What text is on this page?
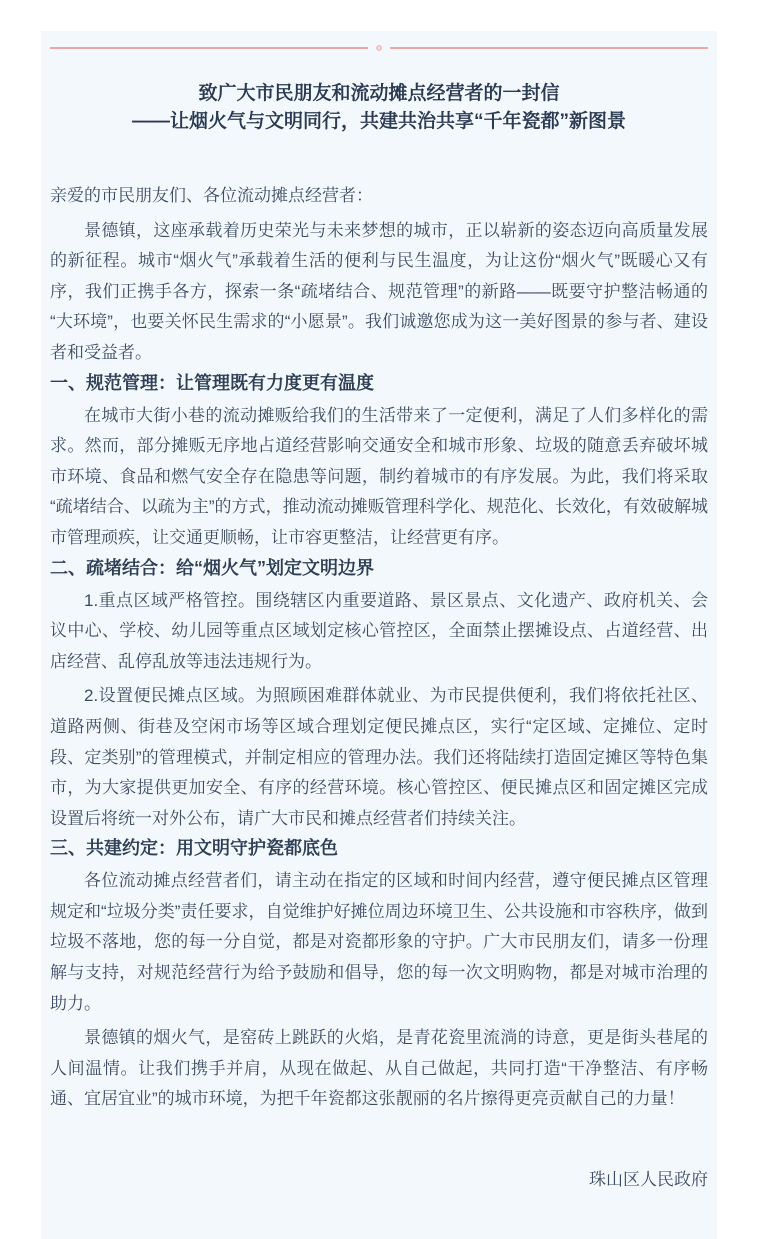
致广大市民朋友和流动摊点经营者的一封信
——让烟火气与文明同行，共建共治共享“千年瓷都”新图景

亲爱的市民朋友们、各位流动摊点经营者：

景德镇，这座承载着历史荣光与未来梦想的城市，正以崭新的姿态迈向高质量发展的新征程。城市“烟火气”承载着生活的便利与民生温度，为让这份“烟火气”既暖心又有序，我们正携手各方，探索一条“疏堵结合、规范管理”的新路——既要守护整洁畅通的“大环境”，也要关怀民生需求的“小愿景”。我们诚邀您成为这一美好图景的参与者、建设者和受益者。

一、规范管理：让管理既有力度更有温度

在城市大街小巷的流动摊贩给我们的生活带来了一定便利，满足了人们多样化的需求。然而，部分摊贩无序地占道经营影响交通安全和城市形象、垃圾的随意丢弃破坏城市环境、食品和燃气安全存在隐患等问题，制约着城市的有序发展。为此，我们将采取“疏堵结合、以疏为主”的方式，推动流动摊贩管理科学化、规范化、长效化，有效破解城市管理顽疾，让交通更顺畅，让市容更整洁，让经营更有序。

二、疏堵结合：给“烟火气”划定文明边界

1.重点区域严格管控。围绕辖区内重要道路、景区景点、文化遗产、政府机关、会议中心、学校、幼儿园等重点区域划定核心管控区，全面禁止摆摊设点、占道经营、出店经营、乱停乱放等违法违规行为。

2.设置便民摊点区域。为照顾困难群体就业、为市民提供便利，我们将依托社区、道路两侧、街巷及空闲市场等区域合理划定便民摊点区，实行“定区域、定摊位、定时段、定类别”的管理模式，并制定相应的管理办法。我们还将陆续打造固定摊区等特色集市，为大家提供更加安全、有序的经营环境。核心管控区、便民摊点区和固定摊区完成设置后将统一对外公布，请广大市民和摊点经营者们持续关注。

三、共建约定：用文明守护瓷都底色

各位流动摊点经营者们，请主动在指定的区域和时间内经营，遵守便民摊点区管理规定和“垃圾分类”责任要求，自觉维护好摊位周边环境卫生、公共设施和市容秩序，做到垃圾不落地，您的每一分自觉，都是对瓷都形象的守护。广大市民朋友们，请多一份理解与支持，对规范经营行为给予鼓励和倡导，您的每一次文明购物，都是对城市治理的助力。

景德镇的烟火气，是窑砖上跳跃的火焰，是青花瓷里流淌的诗意，更是街头巷尾的人间温情。让我们携手并肩，从现在做起、从自己做起，共同打造“干净整洁、有序畅通、宜居宜业”的城市环境，为把千年瓷都这张靓丽的名片擦得更亮贡献自己的力量！

珠山区人民政府
